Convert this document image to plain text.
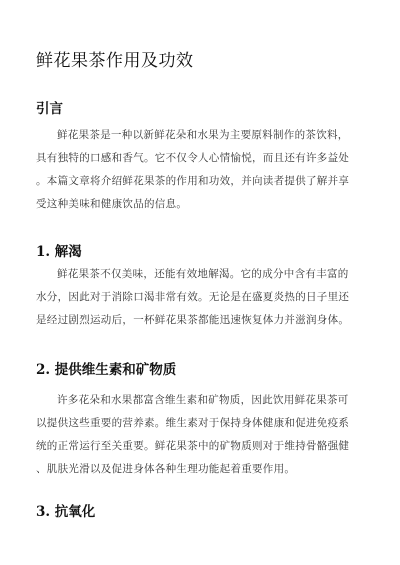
鲜花果茶作用及功效
引言
鲜花果茶是一种以新鲜花朵和水果为主要原料制作的茶饮料，
具有独特的口感和香气。它不仅令人心情愉悦，而且还有许多益处
。本篇文章将介绍鲜花果茶的作用和功效，并向读者提供了解并享
受这种美味和健康饮品的信息。
1. 解渴
鲜花果茶不仅美味，还能有效地解渴。它的成分中含有丰富的
水分，因此对于消除口渴非常有效。无论是在盛夏炎热的日子里还
是经过剧烈运动后，一杯鲜花果茶都能迅速恢复体力并滋润身体。
2. 提供维生素和矿物质
许多花朵和水果都富含维生素和矿物质，因此饮用鲜花果茶可
以提供这些重要的营养素。维生素对于保持身体健康和促进免疫系
统的正常运行至关重要。鲜花果茶中的矿物质则对于维持骨骼强健
、肌肤光滑以及促进身体各种生理功能起着重要作用。
3. 抗氧化
